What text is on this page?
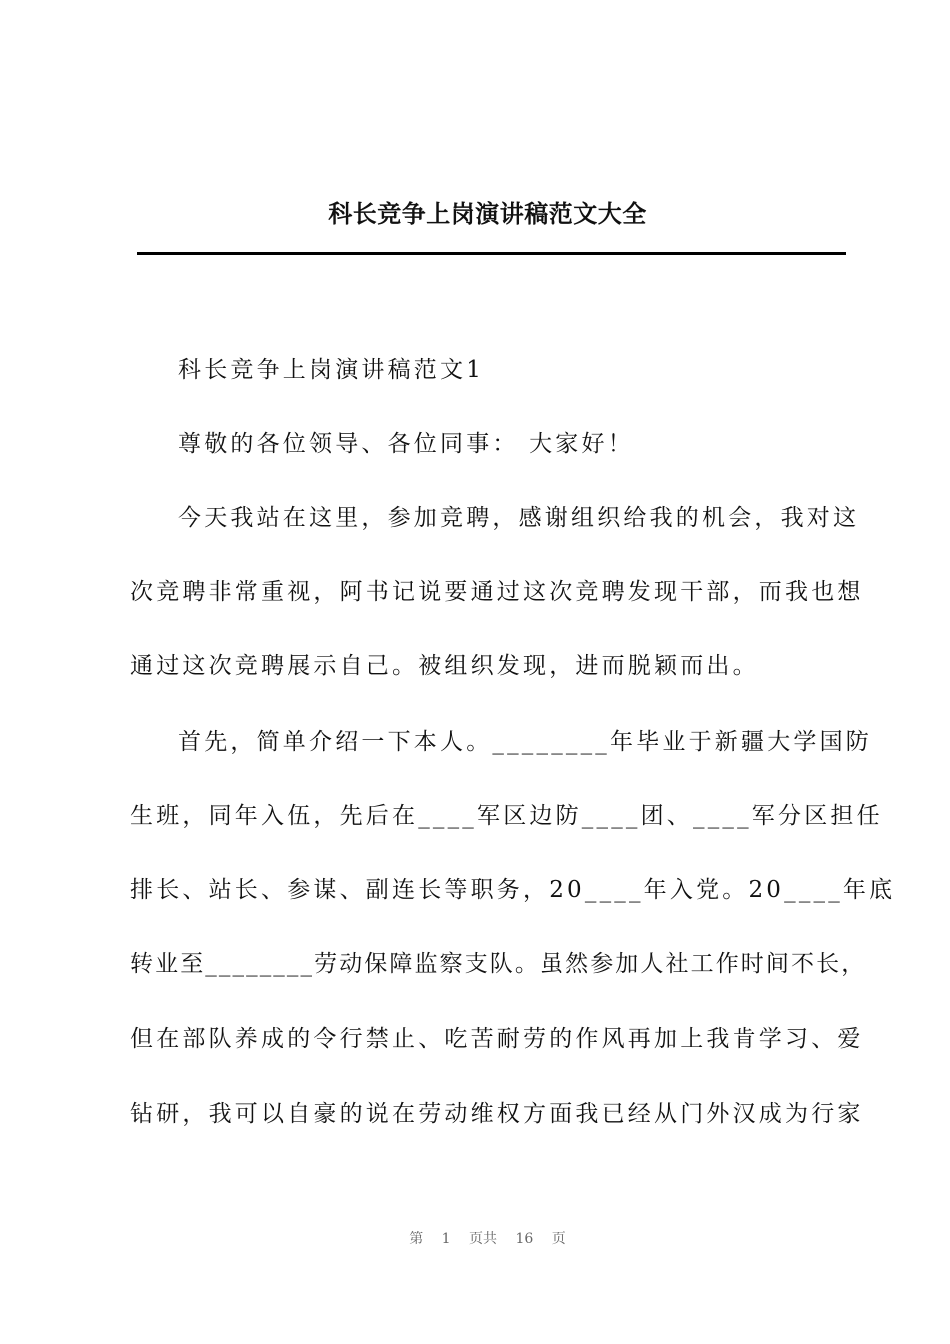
科长竞争上岗演讲稿范文大全
科长竞争上岗演讲稿范文1
尊敬的各位领导、各位同事： 大家好！
今天我站在这里，参加竞聘，感谢组织给我的机会，我对这
次竞聘非常重视，阿书记说要通过这次竞聘发现干部，而我也想
通过这次竞聘展示自己。被组织发现，进而脱颖而出。
首先，简单介绍一下本人。________年毕业于新疆大学国防
生班，同年入伍，先后在____军区边防____团、____军分区担任
排长、站长、参谋、副连长等职务，20____年入党。20____年底
转业至________劳动保障监察支队。虽然参加人社工作时间不长，
但在部队养成的令行禁止、吃苦耐劳的作风再加上我肯学习、爱
钻研，我可以自豪的说在劳动维权方面我已经从门外汉成为行家
第 1 页共 16 页
